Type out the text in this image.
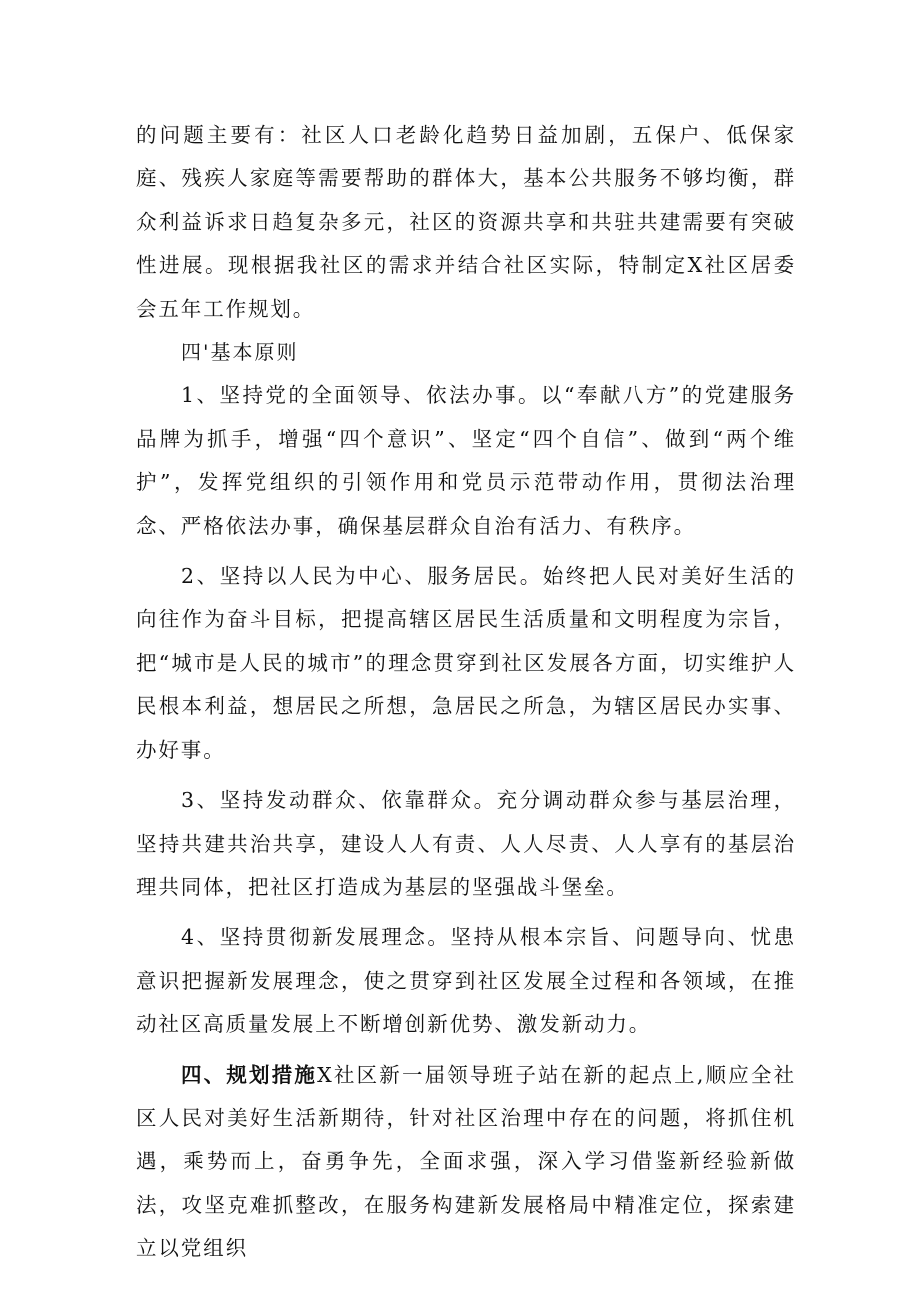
的问题主要有：社区人口老龄化趋势日益加剧，五保户、低保家庭、残疾人家庭等需要帮助的群体大，基本公共服务不够均衡，群众利益诉求日趋复杂多元，社区的资源共享和共驻共建需要有突破性进展。现根据我社区的需求并结合社区实际，特制定X社区居委会五年工作规划。

四'基本原则

1、坚持党的全面领导、依法办事。以“奉献八方”的党建服务品牌为抓手，增强“四个意识”、坚定“四个自信”、做到“两个维护”，发挥党组织的引领作用和党员示范带动作用，贯彻法治理念、严格依法办事，确保基层群众自治有活力、有秩序。

2、坚持以人民为中心、服务居民。始终把人民对美好生活的向往作为奋斗目标，把提高辖区居民生活质量和文明程度为宗旨，把“城市是人民的城市”的理念贯穿到社区发展各方面，切实维护人民根本利益，想居民之所想，急居民之所急，为辖区居民办实事、办好事。

3、坚持发动群众、依靠群众。充分调动群众参与基层治理，坚持共建共治共享，建设人人有责、人人尽责、人人享有的基层治理共同体，把社区打造成为基层的坚强战斗堡垒。

4、坚持贯彻新发展理念。坚持从根本宗旨、问题导向、忧患意识把握新发展理念，使之贯穿到社区发展全过程和各领域，在推动社区高质量发展上不断增创新优势、激发新动力。

四、规划措施X社区新一届领导班子站在新的起点上,顺应全社区人民对美好生活新期待，针对社区治理中存在的问题，将抓住机遇，乘势而上，奋勇争先，全面求强，深入学习借鉴新经验新做法，攻坚克难抓整改，在服务构建新发展格局中精准定位，探索建立以党组织
